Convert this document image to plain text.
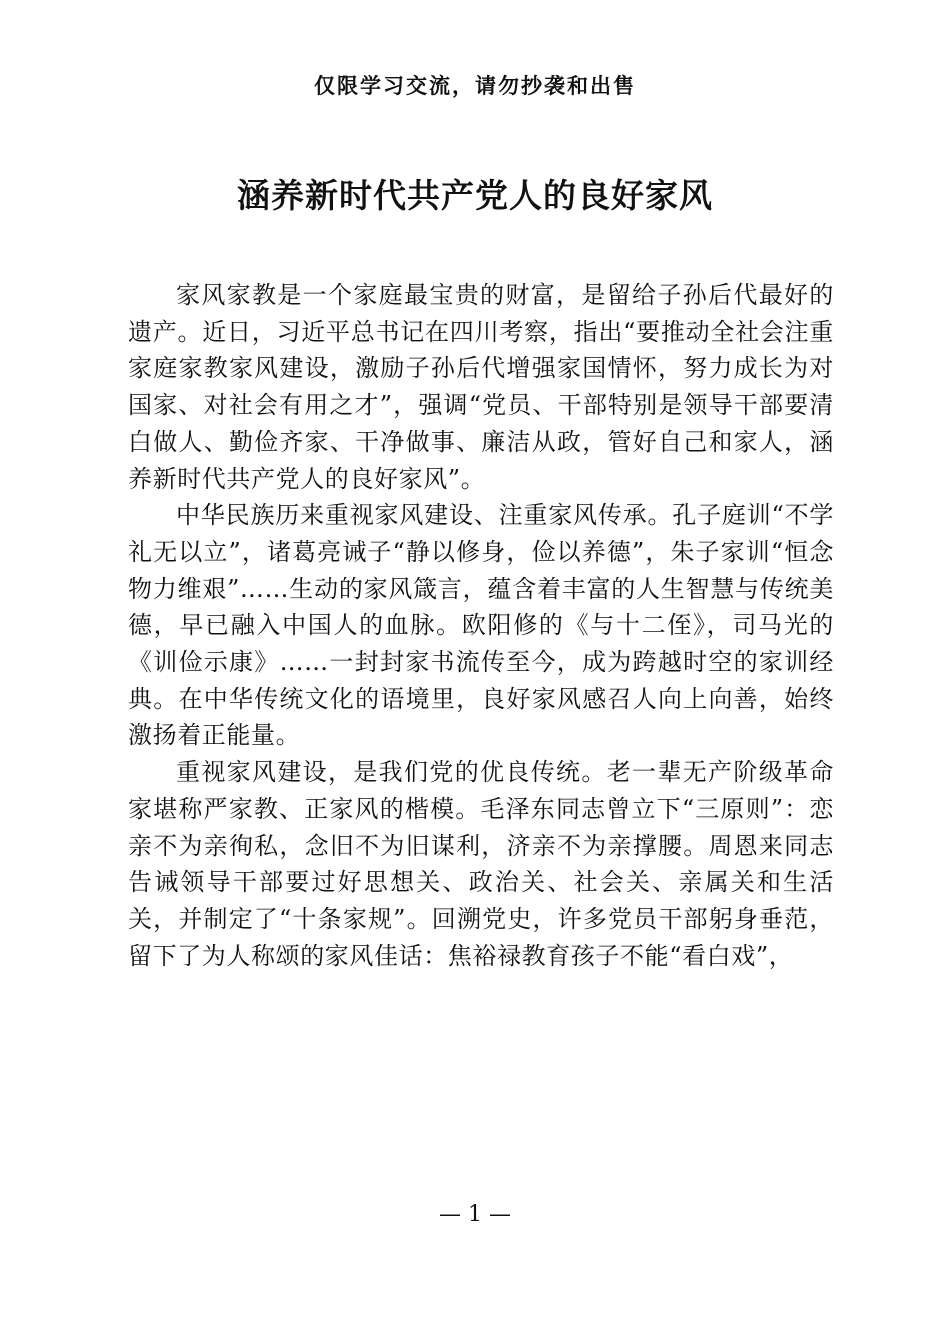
仅限学习交流，请勿抄袭和出售
涵养新时代共产党人的良好家风

家风家教是一个家庭最宝贵的财富，是留给子孙后代最好的遗产。近日，习近平总书记在四川考察，指出“要推动全社会注重家庭家教家风建设，激励子孙后代增强家国情怀，努力成长为对国家、对社会有用之才”，强调“党员、干部特别是领导干部要清白做人、勤俭齐家、干净做事、廉洁从政，管好自己和家人，涵养新时代共产党人的良好家风”。

中华民族历来重视家风建设、注重家风传承。孔子庭训“不学礼无以立”，诸葛亮诫子“静以修身，俭以养德”，朱子家训“恒念物力维艰”……生动的家风箴言，蕴含着丰富的人生智慧与传统美德，早已融入中国人的血脉。欧阳修的《与十二侄》，司马光的《训俭示康》……一封封家书流传至今，成为跨越时空的家训经典。在中华传统文化的语境里，良好家风感召人向上向善，始终激扬着正能量。

重视家风建设，是我们党的优良传统。老一辈无产阶级革命家堪称严家教、正家风的楷模。毛泽东同志曾立下“三原则”：恋亲不为亲徇私，念旧不为旧谋利，济亲不为亲撑腰。周恩来同志告诫领导干部要过好思想关、政治关、社会关、亲属关和生活关，并制定了“十条家规”。回溯党史，许多党员干部躬身垂范，留下了为人称颂的家风佳话：焦裕禄教育孩子不能“看白戏”，

— 1 —
